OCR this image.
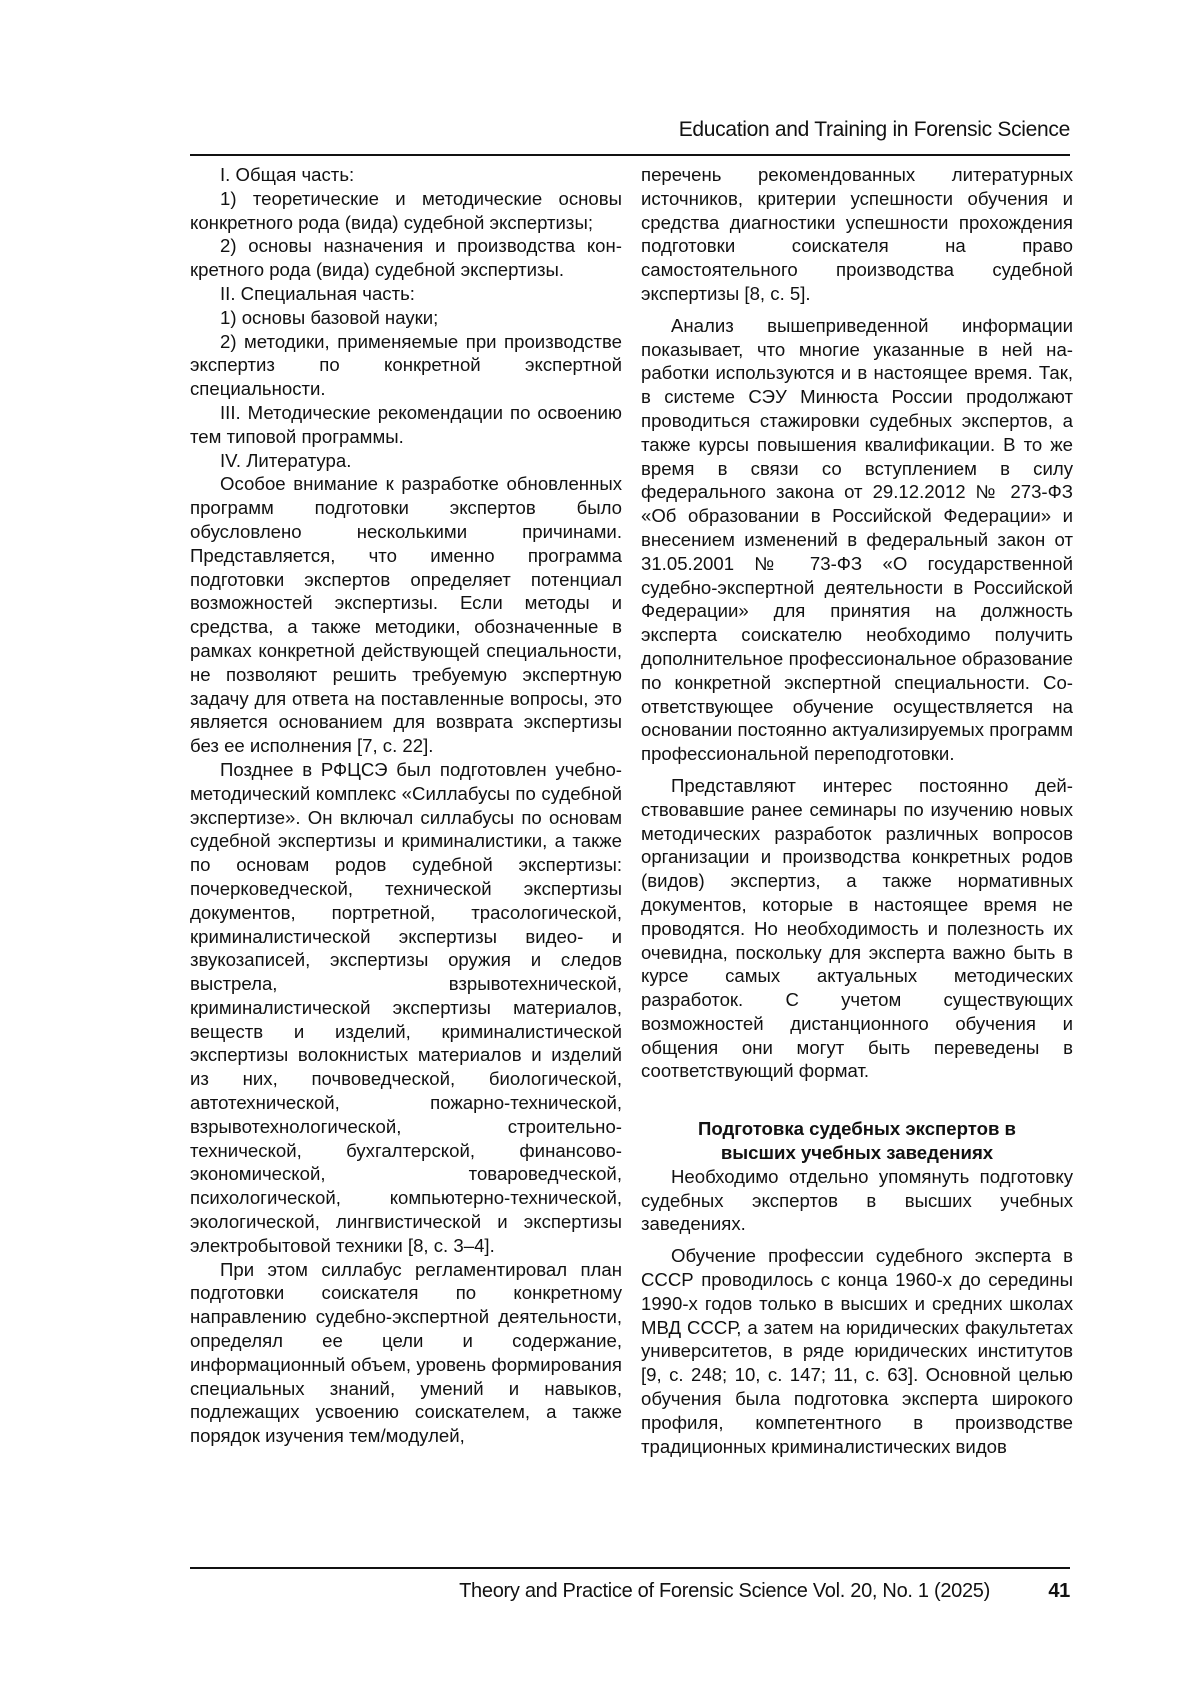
Education and Training in Forensic Science

I. Общая часть:

1) теоретические и методические основы конкретного рода (вида) судебной экспертизы;

2) основы назначения и производства конкретного рода (вида) судебной экспертизы.

II. Специальная часть:

1) основы базовой науки;

2) методики, применяемые при производстве экспертиз по конкретной экспертной специальности.

III. Методические рекомендации по освоению тем типовой программы.

IV. Литература.

Особое внимание к разработке обновленных программ подготовки экспертов было обусловлено несколькими причинами. Представляется, что именно программа подготовки экспертов определяет потенциал возможностей экспертизы. Если методы и средства, а также методики, обозначенные в рамках конкретной действующей специальности, не позволяют решить требуемую экспертную задачу для ответа на поставленные вопросы, это является основанием для возврата экспертизы без ее исполнения [7, с. 22].

Позднее в РФЦСЭ был подготовлен учебно-методический комплекс «Силлабусы по судебной экспертизе». Он включал силлабусы по основам судебной экспертизы и криминалистики, а также по основам родов судебной экспертизы: почерковедческой, технической экспертизы документов, портретной, трасологической, криминалистической экспертизы видео- и звукозаписей, экспертизы оружия и следов выстрела, взрывотехнической, криминалистической экспертизы материалов, веществ и изделий, криминалистической экспертизы волокнистых материалов и изделий из них, почвоведческой, биологической, автотехнической, пожарно-технической, взрывотехнологической, строительно-технической, бухгалтерской, финансово-экономической, товароведческой, психологической, компьютерно-технической, экологической, лингвистической и экспертизы электробытовой техники [8, с. 3–4].

При этом силлабус регламентировал план подготовки соискателя по конкретному направлению судебно-экспертной деятельности, определял ее цели и содержание, информационный объем, уровень формирования специальных знаний, умений и навыков, подлежащих усвоению соискателем, а также порядок изучения тем/модулей,

перечень рекомендованных литературных источников, критерии успешности обучения и средства диагностики успешности прохождения подготовки соискателя на право самостоятельного производства судебной экспертизы [8, с. 5].

Анализ вышеприведенной информации показывает, что многие указанные в ней наработки используются и в настоящее время. Так, в системе СЭУ Минюста России продолжают проводиться стажировки судебных экспертов, а также курсы повышения квалификации. В то же время в связи со вступлением в силу федерального закона от 29.12.2012 № 273-ФЗ «Об образовании в Российской Федерации» и внесением изменений в федеральный закон от 31.05.2001 № 73-ФЗ «О государственной судебно-экспертной деятельности в Российской Федерации» для принятия на должность эксперта соискателю необходимо получить дополнительное профессиональное образование по конкретной экспертной специальности. Соответствующее обучение осуществляется на основании постоянно актуализируемых программ профессиональной переподготовки.

Представляют интерес постоянно действовавшие ранее семинары по изучению новых методических разработок различных вопросов организации и производства конкретных родов (видов) экспертиз, а также нормативных документов, которые в настоящее время не проводятся. Но необходимость и полезность их очевидна, поскольку для эксперта важно быть в курсе самых актуальных методических разработок. С учетом существующих возможностей дистанционного обучения и общения они могут быть переведены в соответствующий формат.

Подготовка судебных экспертов в высших учебных заведениях

Необходимо отдельно упомянуть подготовку судебных экспертов в высших учебных заведениях.

Обучение профессии судебного эксперта в СССР проводилось с конца 1960-х до середины 1990-х годов только в высших и средних школах МВД СССР, а затем на юридических факультетах университетов, в ряде юридических институтов [9, с. 248; 10, с. 147; 11, с. 63]. Основной целью обучения была подготовка эксперта широкого профиля, компетентного в производстве традиционных криминалистических видов

Theory and Practice of Forensic Science Vol. 20, No. 1 (2025)	41
